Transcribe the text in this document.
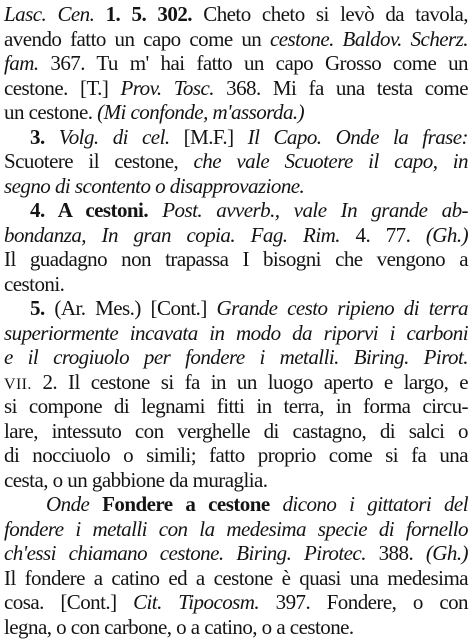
Lasc. Cen. 1. 5. 302. Cheto cheto si levò da tavola,
avendo fatto un capo come un cestone. Baldov. Scherz.
fam. 367. Tu m' hai fatto un capo Grosso come un
cestone. [T.] Prov. Tosc. 368. Mi fa una testa come
un cestone. (Mi confonde, m'assorda.)
3. Volg. di cel. [M.F.] Il Capo. Onde la frase:
Scuotere il cestone, che vale Scuotere il capo, in
segno di scontento o disapprovazione.
4. A cestoni. Post. avverb., vale In grande ab-
bondanza, In gran copia. Fag. Rim. 4. 77. (Gh.)
Il guadagno non trapassa I bisogni che vengono a
cestoni.
5. (Ar. Mes.) [Cont.] Grande cesto ripieno di terra
superiormente incavata in modo da riporvi i carboni
e il crogiuolo per fondere i metalli. Biring. Pirot.
VII. 2. Il cestone si fa in un luogo aperto e largo, e
si compone di legnami fitti in terra, in forma circu-
lare, intessuto con verghelle di castagno, di salci o
di nocciuolo o simili; fatto proprio come si fa una
cesta, o un gabbione da muraglia.
Onde Fondere a cestone dicono i gittatori del
fondere i metalli con la medesima specie di fornello
ch'essi chiamano cestone. Biring. Pirotec. 388. (Gh.)
Il fondere a catino ed a cestone è quasi una medesima
cosa. [Cont.] Cit. Tipocosm. 397. Fondere, o con
legna, o con carbone, o a catino, o a cestone.
